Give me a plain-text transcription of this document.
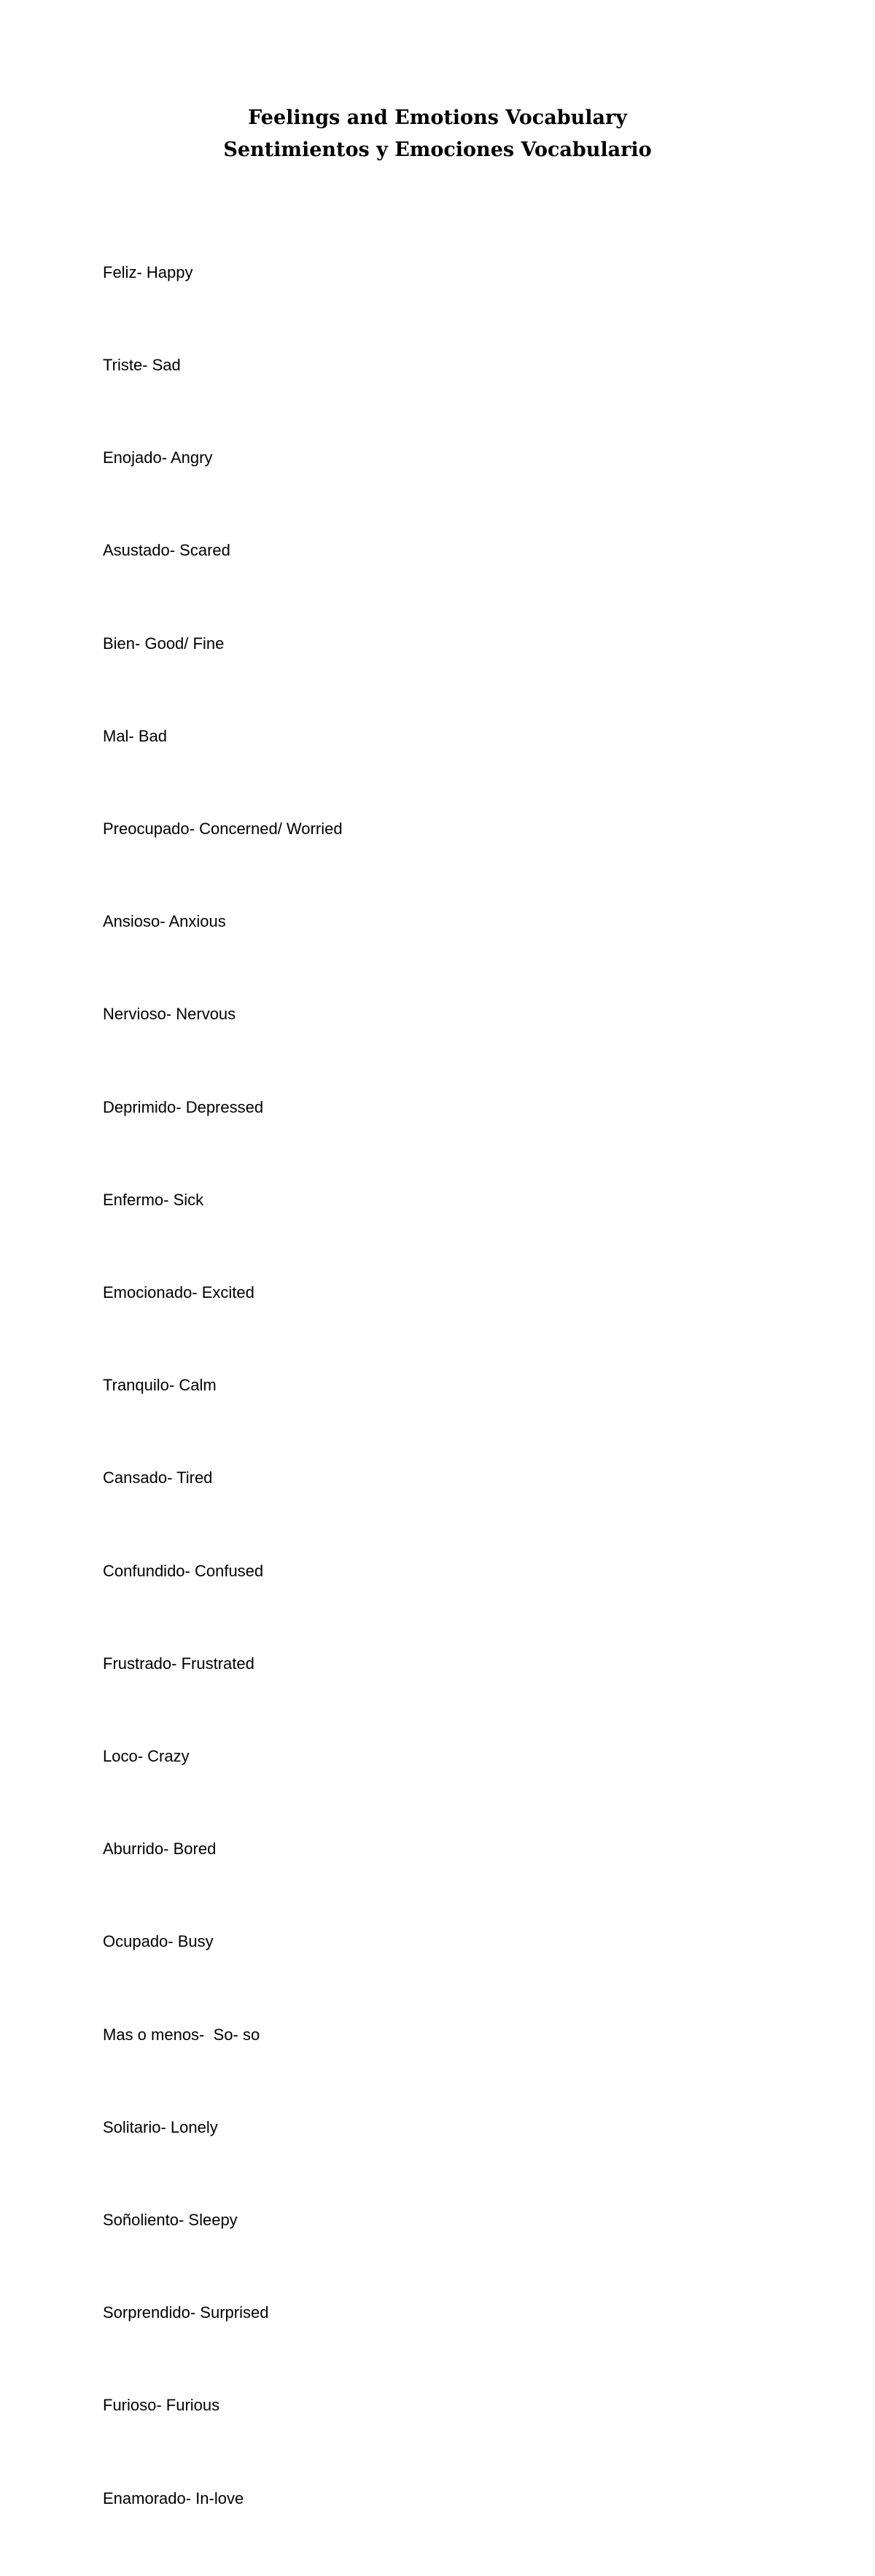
Feelings and Emotions Vocabulary
Sentimientos y Emociones Vocabulario

Feliz- Happy

Triste- Sad

Enojado- Angry

Asustado- Scared

Bien- Good/ Fine

Mal- Bad

Preocupado- Concerned/ Worried

Ansioso- Anxious

Nervioso- Nervous

Deprimido- Depressed

Enfermo- Sick

Emocionado- Excited

Tranquilo- Calm

Cansado- Tired

Confundido- Confused

Frustrado- Frustrated

Loco- Crazy

Aburrido- Bored

Ocupado- Busy

Mas o menos-  So- so

Solitario- Lonely

Soñoliento- Sleepy

Sorprendido- Surprised

Furioso- Furious

Enamorado- In-love
